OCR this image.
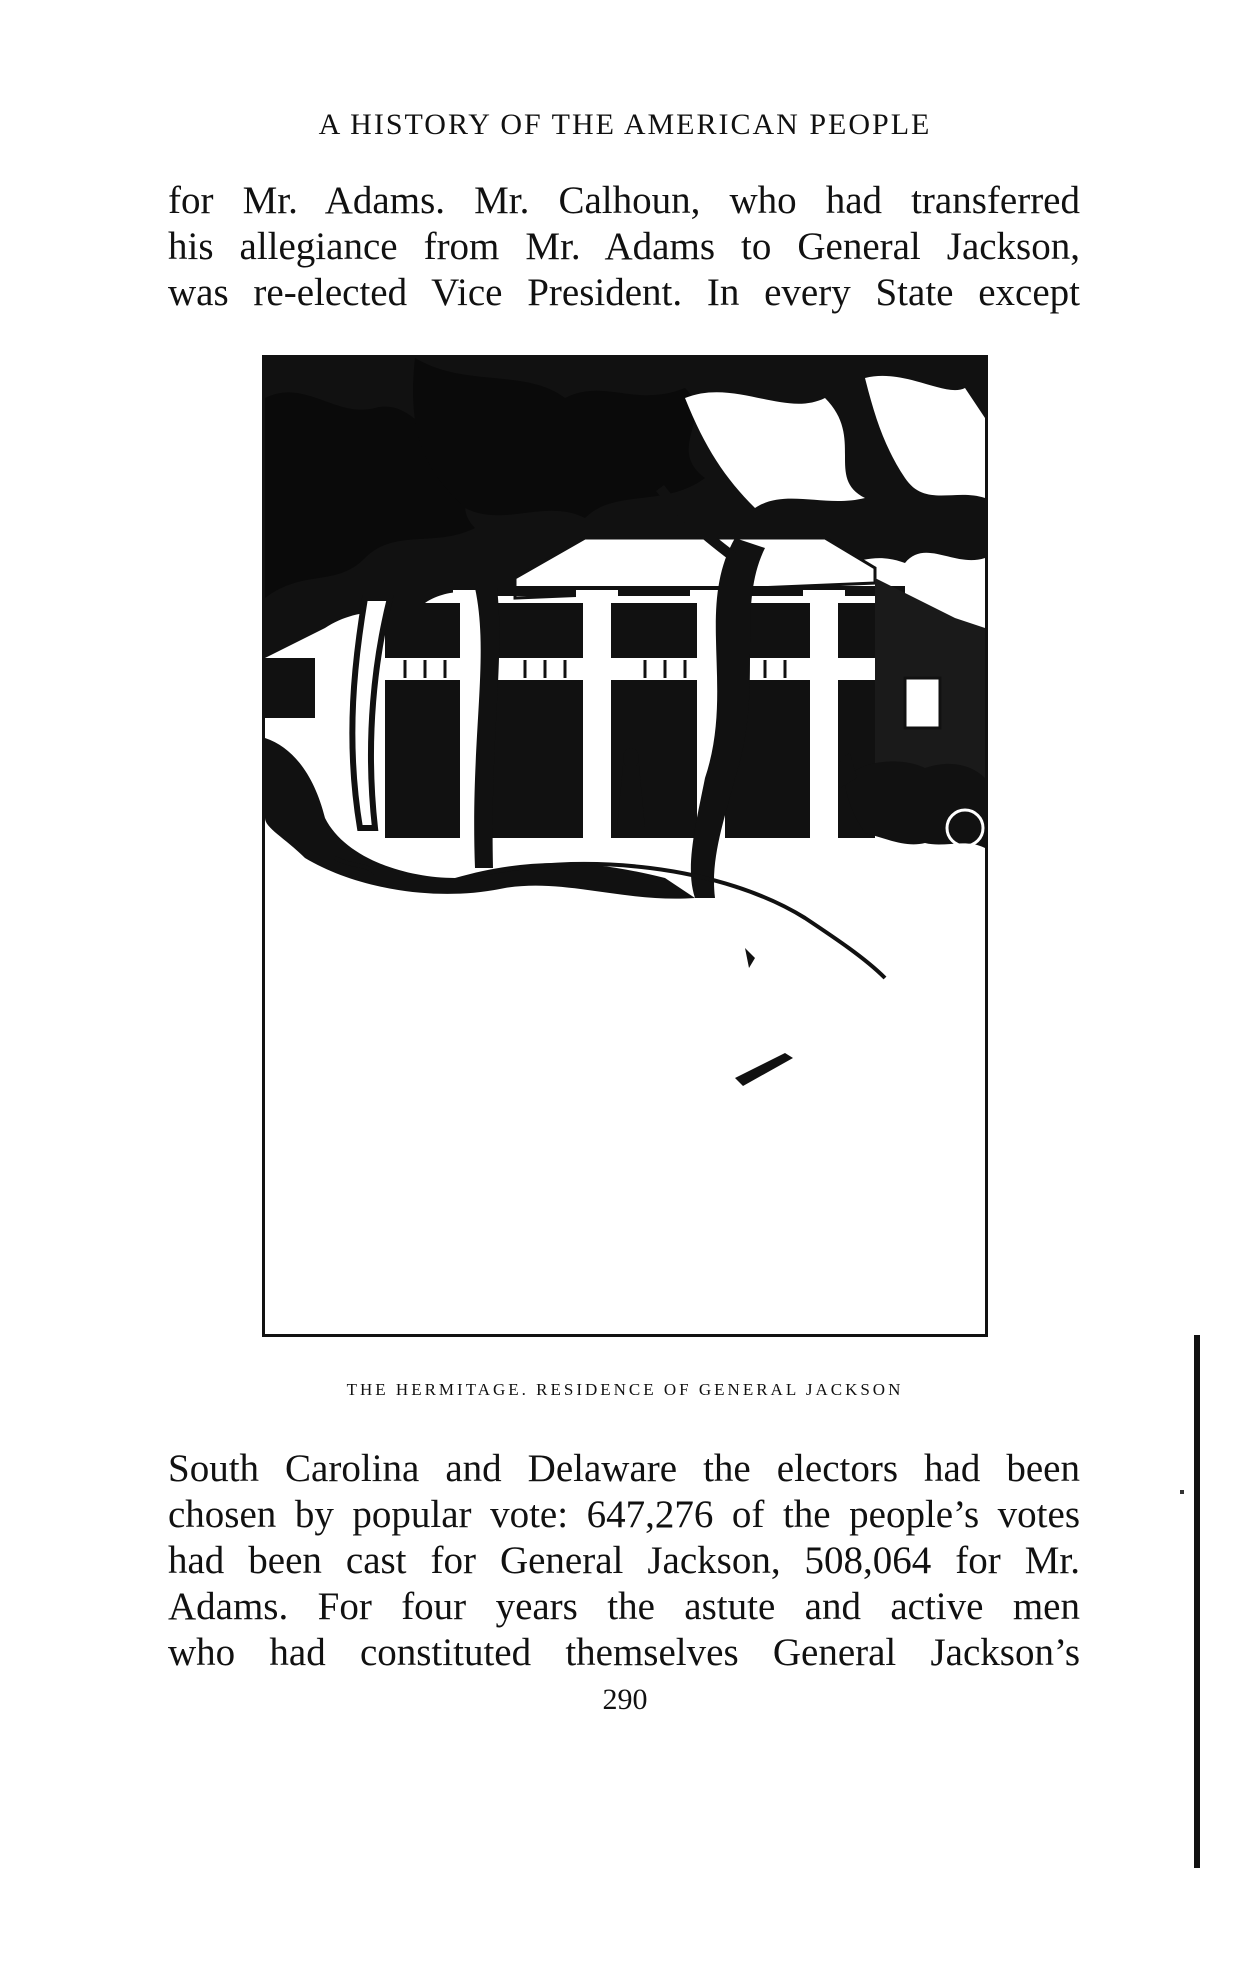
A HISTORY OF THE AMERICAN PEOPLE
for Mr. Adams. Mr. Calhoun, who had transferred
his allegiance from Mr. Adams to General Jackson,
was re-elected Vice President. In every State except

THE HERMITAGE. RESIDENCE OF GENERAL JACKSON

South Carolina and Delaware the electors had been
chosen by popular vote: 647,276 of the people’s votes
had been cast for General Jackson, 508,064 for Mr.
Adams. For four years the astute and active men
who had constituted themselves General Jackson’s
290
